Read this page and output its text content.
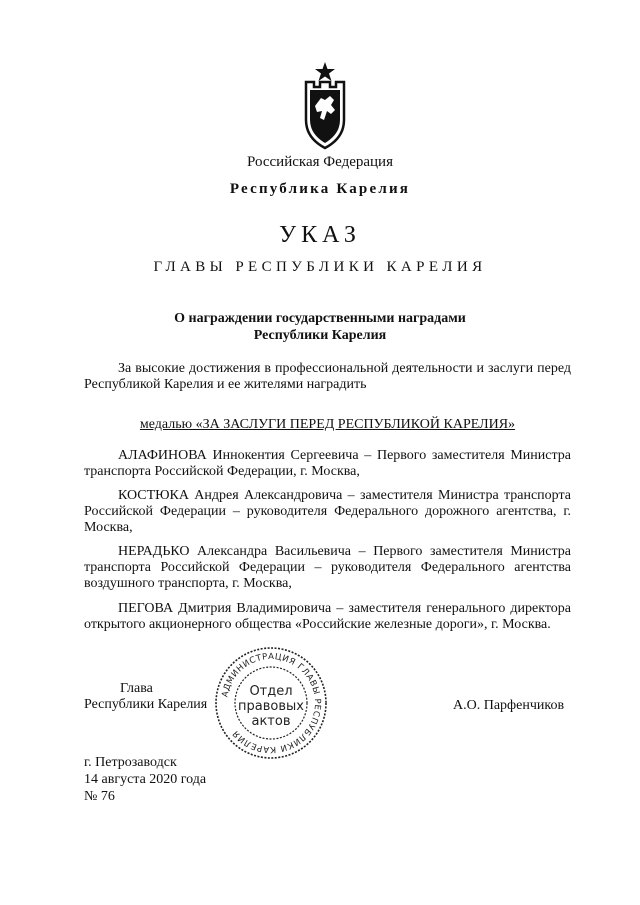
Российская Федерация
Республика Карелия
УКАЗ
ГЛАВЫ РЕСПУБЛИКИ КАРЕЛИЯ
О награждении государственными наградами
Республики Карелия
За высокие достижения в профессиональной деятельности и заслуги перед Республикой Карелия и ее жителями наградить
медалью «ЗА ЗАСЛУГИ ПЕРЕД РЕСПУБЛИКОЙ КАРЕЛИЯ»
АЛАФИНОВА Иннокентия Сергеевича – Первого заместителя Министра транспорта Российской Федерации, г. Москва,
КОСТЮКА Андрея Александровича – заместителя Министра транспорта Российской Федерации – руководителя Федерального дорожного агентства, г. Москва,
НЕРАДЬКО Александра Васильевича – Первого заместителя Министра транспорта Российской Федерации – руководителя Федерального агентства воздушного транспорта, г. Москва,
ПЕГОВА Дмитрия Владимировича – заместителя генерального директора открытого акционерного общества «Российские железные дороги», г. Москва.
Глава
Республики Карелия
АДМИНИСТРАЦИЯ ГЛАВЫ РЕСПУБЛИКИ КАРЕЛИЯ
Отдел
правовых
актов
А.О. Парфенчиков
г. Петрозаводск
14 августа 2020 года
№ 76
